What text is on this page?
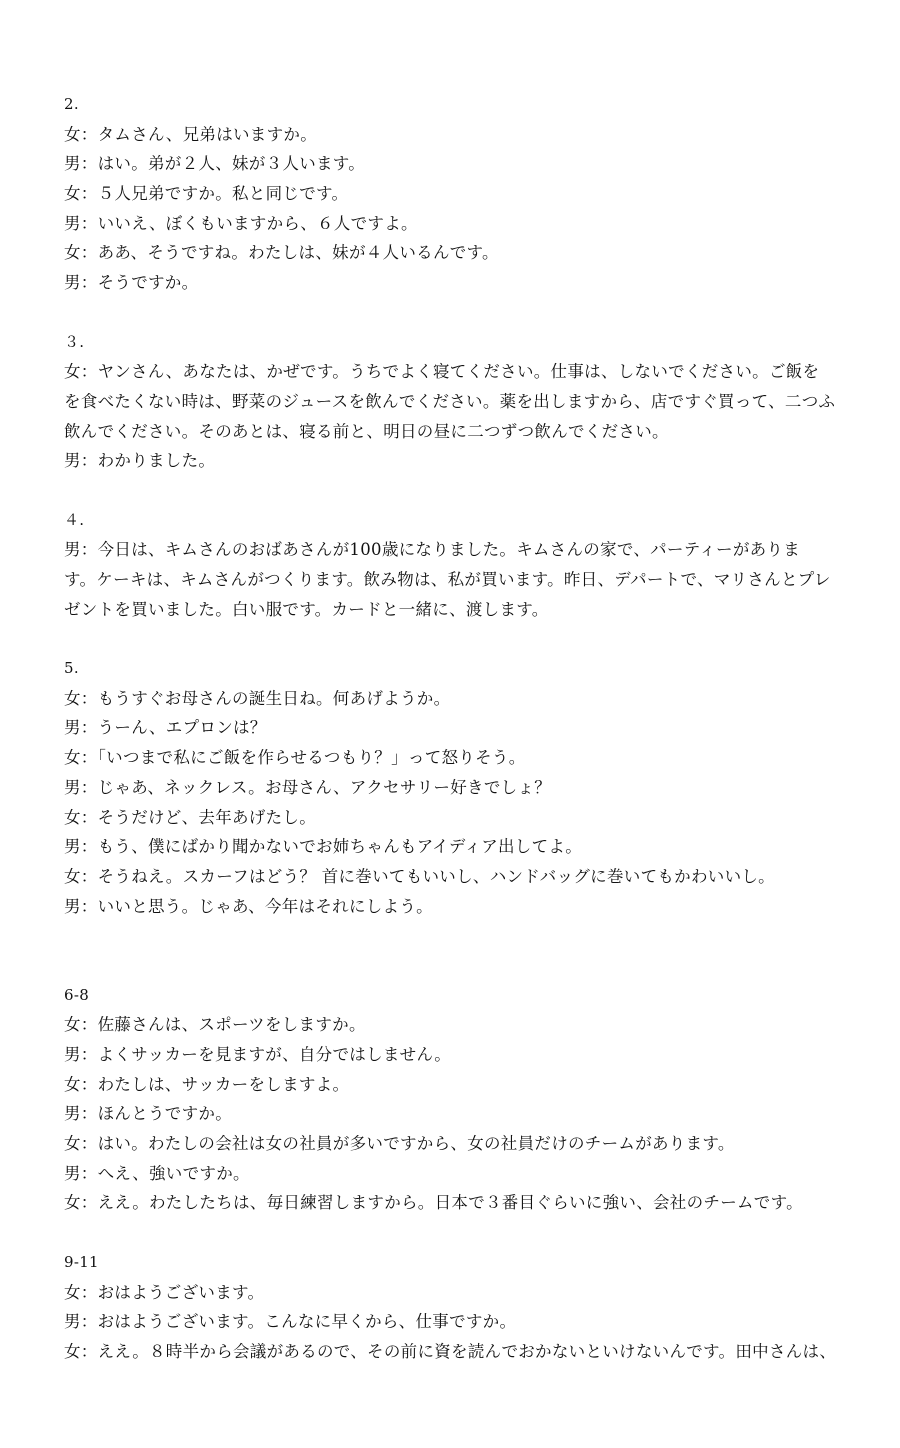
2.
女：タムさん、兄弟はいますか。
男：はい。弟が２人、妹が３人います。
女：５人兄弟ですか。私と同じです。
男：いいえ、ぼくもいますから、６人ですよ。
女：ああ、そうですね。わたしは、妹が４人いるんです。
男：そうですか。
３.
女：ヤンさん、あなたは、かぜです。うちでよく寝てください。仕事は、しないでください。ご飯を
を食べたくない時は、野菜のジュースを飲んでください。薬を出しますから、店ですぐ買って、二つふ
飲んでください。そのあとは、寝る前と、明日の昼に二つずつ飲んでください。
男：わかりました。
４.
男：今日は、キムさんのおばあさんが100歳になりました。キムさんの家で、パーティーがありま
す。ケーキは、キムさんがつくります。飲み物は、私が買います。昨日、デパートで、マリさんとプレ
ゼントを買いました。白い服です。カードと一緒に、渡します。
5.
女：もうすぐお母さんの誕生日ね。何あげようか。
男：うーん、エプロンは？
女：「いつまで私にご飯を作らせるつもり？」って怒りそう。
男：じゃあ、ネックレス。お母さん、アクセサリー好きでしょ？
女：そうだけど、去年あげたし。
男：もう、僕にばかり聞かないでお姉ちゃんもアイディア出してよ。
女：そうねえ。スカーフはどう？ 首に巻いてもいいし、ハンドバッグに巻いてもかわいいし。
男：いいと思う。じゃあ、今年はそれにしよう。
6-8
女：佐藤さんは、スポーツをしますか。
男：よくサッカーを見ますが、自分ではしません。
女：わたしは、サッカーをしますよ。
男：ほんとうですか。
女：はい。わたしの会社は女の社員が多いですから、女の社員だけのチームがあります。
男：へえ、強いですか。
女：ええ。わたしたちは、毎日練習しますから。日本で３番目ぐらいに強い、会社のチームです。
9-11
女：おはようございます。
男：おはようございます。こんなに早くから、仕事ですか。
女：ええ。８時半から会議があるので、その前に資を読んでおかないといけないんです。田中さんは、
